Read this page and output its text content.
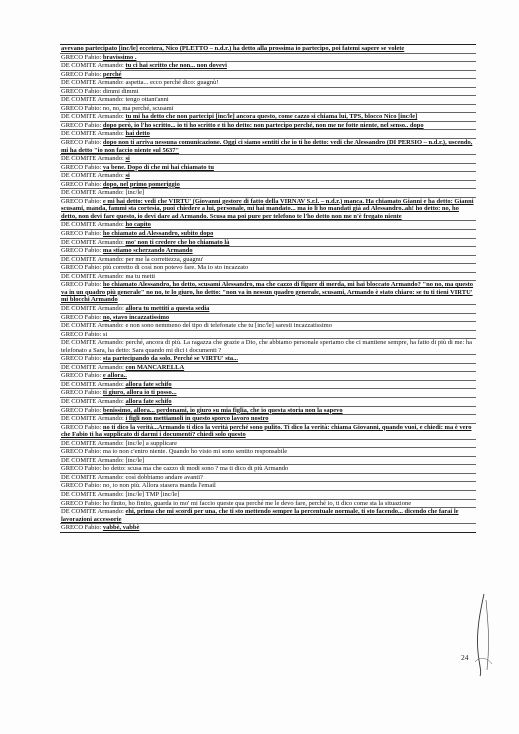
avevano partecipato [inc/le] eccetera, Nico (PLETTO – n.d.r.) ha detto alla prossima io partecipo, poi fatemi sapere se volete
GRECO Fabio: bravissimo .
DE COMITE Armando: tu ci hai scritto che non... non dovevi
GRECO Fabio: perché
DE COMITE Armando: aspetta... ecco perché dico: guagnù!
GRECO Fabio: dimmi dimmi
DE COMITE Armando: tengo ottant'anni
GRECO Fabio: no, no, ma perché, scusami
DE COMITE Armando: tu mi ha detto che non partecipi [inc/le] ancora questo, come cazzo si chiama lui, TPS, blocco Nico [inc/le]
GRECO Fabio: dopo però, io l'ho scritto... io ti ho scritto e ti ho detto: non partecipo perché, non me ne fotte niente, nel senso.. dopo
DE COMITE Armando: hai detto
GRECO Fabio: dopo non ti arriva nessuna comunicazione. Oggi ci siamo sentiti che io ti ho detto: vedi che Alessandro (DI PERSIO – n.d.r.), uscendo, mi ha detto "io non faccio niente sul 5637"
DE COMITE Armando: si
GRECO Fabio: va bene. Dopo di che mi hai chiamato tu
DE COMITE Armando: si
GRECO Fabio: dopo, nel primo pomeriggio
DE COMITE Armando: [inc/le]
GRECO Fabio: e mi hai detto: vedi che VIRTU' (Giovanni gestore di fatto della VIRNAV S.r.l. – n.d.r.) manca. Ha chiamato Gianni e ha detto: Gianni scusami, manda, fammi sta cortesia, puoi chiedere a lui, personale, mi hai mandato... ma io li ho mandati già ad Alessandro..ah! ho detto: no, ho detto, non devi fare questo, io devi dare ad Armando. Scusa ma poi pure per telefono te l'ho detto non me n'è fregato niente
DE COMITE Armando: ho capito
GRECO Fabio: ho chiamato ad Alessandro, subito dopo
DE COMITE Armando: mo' non ti credere che ho chiamato là
GRECO Fabio: ma stiamo scherzando Armando
DE COMITE Armando: per me la correttezza, guagnu'
GRECO Fabio: più corretto di così non potevo fare. Ma io sto incazzato
DE COMITE Armando: ma tu metti
GRECO Fabio: ho chiamato Alessandro, ho detto, scusami Alessandro, ma che cazzo di figure di merda, mi hai bloccato Armando? "no no, ma questo va in un quadro più generale" no no, te lo giuro, ho detto: "non va in nessun quadro generale, scusami, Armando è stato chiaro: se tu ti tieni VIRTU' mi blocchi Armando
DE COMITE Armando: allora tu mettiti a questa sedia
GRECO Fabio: no, stavo incazzatissimo
DE COMITE Armando: e non sono nemmeno del tipo di telefonate che tu [inc/le] saresti incazzatissimo
GRECO Fabio: si
DE COMITE Armando: perché, ancora di più. La ragazza che grazie a Dio, che abbiamo personale speriamo che ci mantiene sempre, ha fatto di più di me: ha telefonato a Sara, ha detto: Sara quando mi dici i documenti ?
GRECO Fabio: sta partecipando da solo. Perché se VIRTU' sta...
DE COMITE Armando: con MANCARELLA
GRECO Fabio: e allora..
DE COMITE Armando: allora fate schifo
GRECO Fabio: ti giuro, allora io ti posso...
DE COMITE Armando: allora fate schifo
GRECO Fabio: benissimo, allora... perdonami, io giuro su mia figlia, che io questa storia non la sapevo
DE COMITE Armando: i figli non mettiamoli in questo sporco lavoro nostro
GRECO Fabio: no ti dico la verità...Armando ti dico la verità perché sono pulito. Ti dico la verità: chiama Giovanni, quando vuoi, e chiedi: ma è vero che Fabio ti ha supplicato di darmi i documenti? chiedi solo questo
DE COMITE Armando: [inc/le] a supplicare
GRECO Fabio: ma io non c'entro niente. Quando ho visto mi sono sentito responsabile
DE COMITE Armando: [inc/le]
GRECO Fabio: ho detto: scusa ma che cazzo di modi sono ? ma ti dico di più Armando
DE COMITE Armando: così dobbiamo andare avanti?
GRECO Fabio: no, io non più. Allora stasera manda l'email
DE COMITE Armando: [inc/le] TMP [inc/le]
GRECO Fabio: ho finito, ho finito, guarda io mo' mi faccio queste qua perché me le devo fare, perché io, ti dico come sta la situazione
DE COMITE Armando: ehi, prima che mi scordi per una, che ti sto mettendo sempre la percentuale normale, ti sto facendo... dicendo che farai le lavorazioni accessorie
GRECO Fabio: vabbè, vabbè
24
